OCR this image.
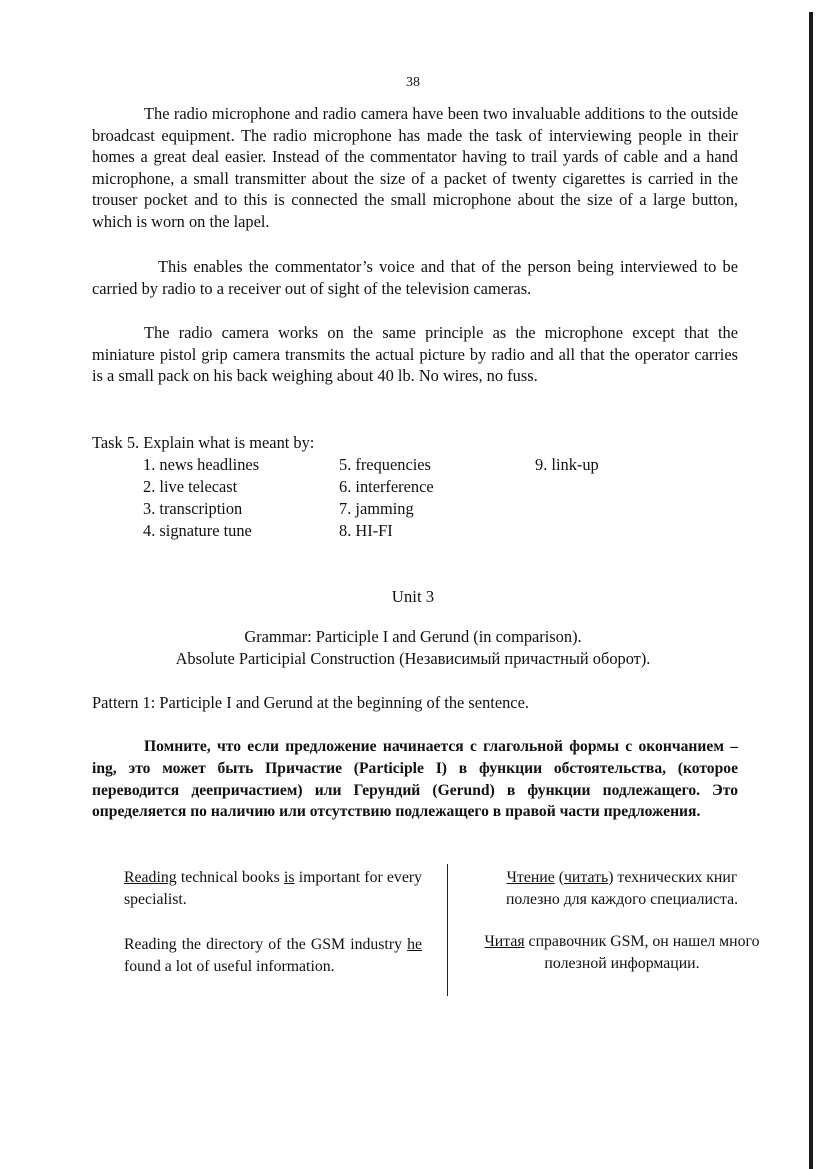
38

The radio microphone and radio camera have been two invaluable additions to the outside broadcast equipment. The radio microphone has made the task of interviewing people in their homes a great deal easier. Instead of the commentator having to trail yards of cable and a hand microphone, a small transmitter about the size of a packet of twenty cigarettes is carried in the trouser pocket and to this is connected the small microphone about the size of a large button, which is worn on the lapel.

This enables the commentator’s voice and that of the person being interviewed to be carried by radio to a receiver out of sight of the television cameras.

The radio camera works on the same principle as the microphone except that the miniature pistol grip camera transmits the actual picture by radio and all that the operator carries is a small pack on his back weighing about 40 lb. No wires, no fuss.

Task 5. Explain what is meant by:

1. news headlines
2. live telecast
3. transcription
4. signature tune
5. frequencies
6. interference
7. jamming
8. HI-FI
9. link-up

Unit 3

Grammar: Participle I and Gerund (in comparison).

Absolute Participial Construction (Независимый причастный оборот).

Pattern 1: Participle I and Gerund at the beginning of the sentence.

Помните, что если предложение начинается с глагольной формы с окончанием – ing, это может быть Причастие (Participle I) в функции обстоятельства, (которое переводится деепричастием) или Герундий (Gerund) в функции подлежащего. Это определяется по наличию или отсутствию подлежащего в правой части предложения.

Reading technical books is important for every specialist.

Чтение (читать) технических книг полезно для каждого специалиста.

Reading the directory of the GSM industry he found a lot of useful information.

Читая справочник GSM, он нашел много полезной информации.
